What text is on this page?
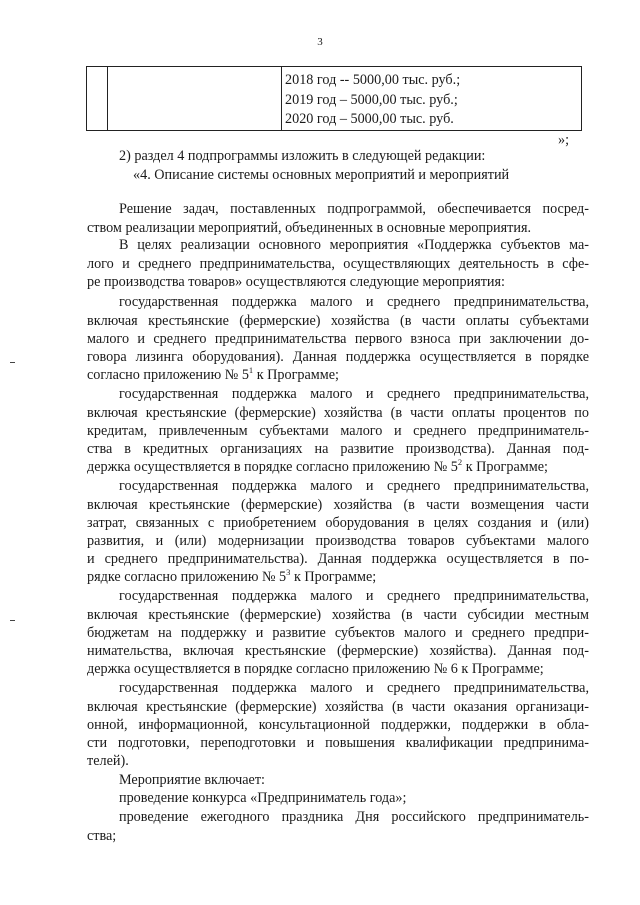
3

2018 год -- 5000,00 тыс. руб.;
2019 год – 5000,00 тыс. руб.;
2020 год – 5000,00 тыс. руб.
»;
2) раздел 4 подпрограммы изложить в следующей редакции:
«4. Описание системы основных мероприятий и мероприятий
Решение задач, поставленных подпрограммой, обеспечивается посред-
ством реализации мероприятий, объединенных в основные мероприятия.
В целях реализации основного мероприятия «Поддержка субъектов ма-
лого и среднего предпринимательства, осуществляющих деятельность в сфе-
ре производства товаров» осуществляются следующие мероприятия:
государственная поддержка малого и среднего предпринимательства,
включая крестьянские (фермерские) хозяйства (в части оплаты субъектами
малого и среднего предпринимательства первого взноса при заключении до-
говора лизинга оборудования). Данная поддержка осуществляется в порядке
согласно приложению № $5^1$ к Программе;
государственная поддержка малого и среднего предпринимательства,
включая крестьянские (фермерские) хозяйства (в части оплаты процентов по
кредитам, привлеченным субъектами малого и среднего предприниматель-
ства в кредитных организациях на развитие производства). Данная под-
держка осуществляется в порядке согласно приложению № $5^2$ к Программе;
государственная поддержка малого и среднего предпринимательства,
включая крестьянские (фермерские) хозяйства (в части возмещения части
затрат, связанных с приобретением оборудования в целях создания и (или)
развития, и (или) модернизации производства товаров субъектами малого
и среднего предпринимательства). Данная поддержка осуществляется в по-
рядке согласно приложению № $5^3$ к Программе;
государственная поддержка малого и среднего предпринимательства,
включая крестьянские (фермерские) хозяйства (в части субсидии местным
бюджетам на поддержку и развитие субъектов малого и среднего предпри-
нимательства, включая крестьянские (фермерские) хозяйства). Данная под-
держка осуществляется в порядке согласно приложению № 6 к Программе;
государственная поддержка малого и среднего предпринимательства,
включая крестьянские (фермерские) хозяйства (в части оказания организаци-
онной, информационной, консультационной поддержки, поддержки в обла-
сти подготовки, переподготовки и повышения квалификации предпринима-
телей).
Мероприятие включает:
проведение конкурса «Предприниматель года»;
проведение ежегодного праздника Дня российского предприниматель-
ства;
